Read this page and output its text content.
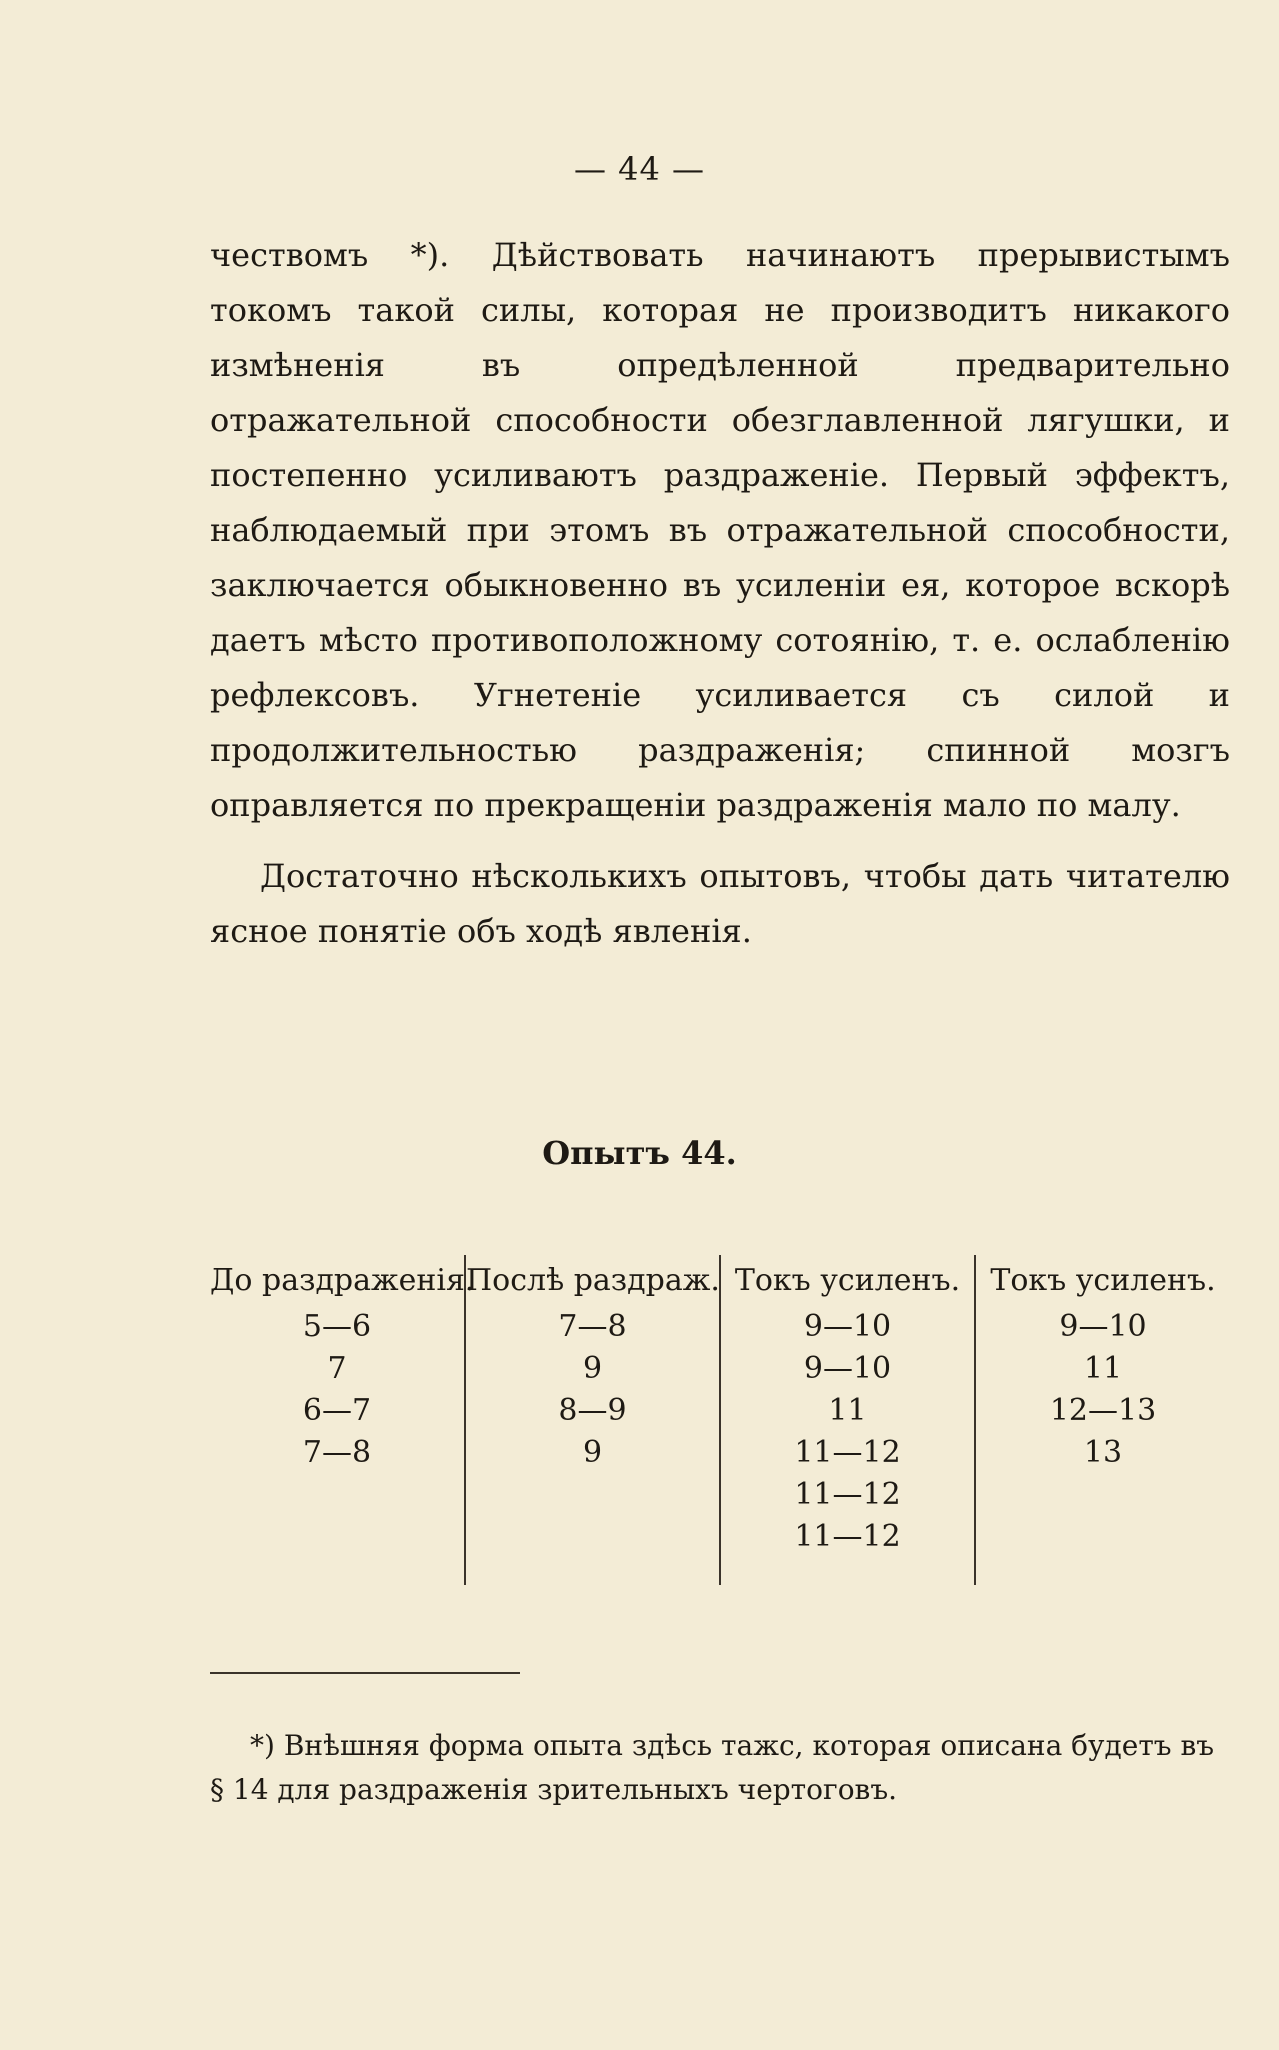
— 44 —

чествомъ *). Дѣйствовать начинаютъ прерывистымъ токомъ такой силы, которая не производитъ никакого измѣненія въ опредѣленной предварительно отражательной способности обезглавленной лягушки, и постепенно усиливаютъ раздраженіе. Первый эффектъ, наблюдаемый при этомъ въ отражательной способности, заключается обыкновенно въ усиленіи ея, которое вскорѣ даетъ мѣсто противоположному сотоянію, т. е. ослабленію рефлексовъ. Угнетеніе усиливается съ силой и продолжительностью раздраженія; спинной мозгъ оправляется по прекращеніи раздраженія мало по малу.

Достаточно нѣсколькихъ опытовъ, чтобы дать читателю ясное понятіе объ ходѣ явленія.

Опытъ 44.
До раздраженія.	Послѣ раздраж.	Токъ усиленъ.	Токъ усиленъ.
5—6	7—8	9—10	9—10
7	9	9—10	11
6—7	8—9	11	12—13
7—8	9	11—12	13
		11—12	
		11—12	

*) Внѣшняя форма опыта здѣсь тажс, которая описана будетъ въ § 14 для раздраженія зрительныхъ чертоговъ.
